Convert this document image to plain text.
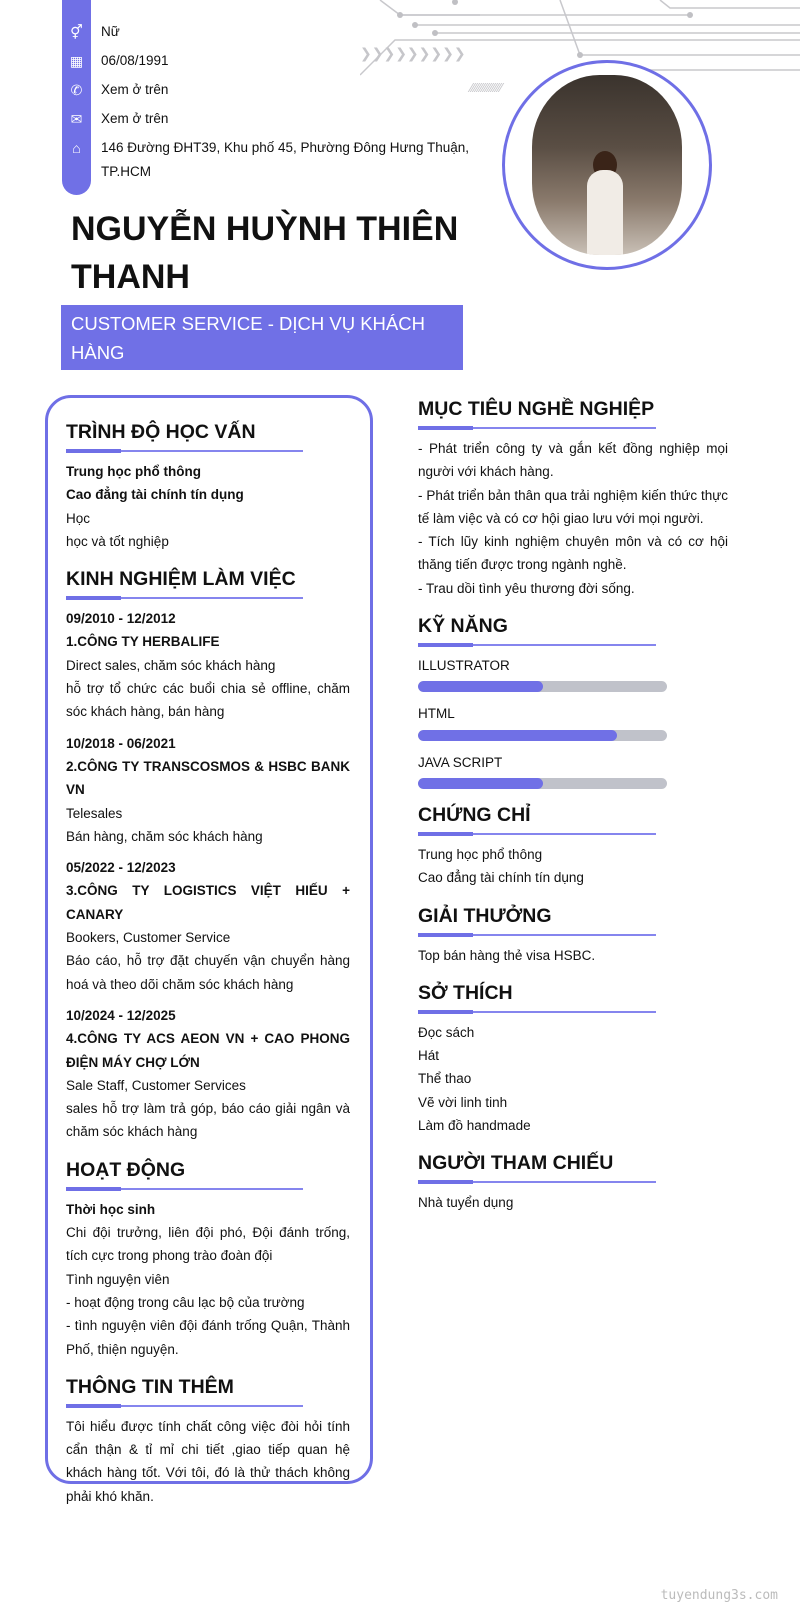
❯❯❯❯❯❯❯❯❯
⁄⁄⁄⁄⁄⁄⁄⁄⁄⁄⁄⁄⁄⁄⁄⁄
⚥	Nữ
▦	06/08/1991
✆	Xem ở trên
✉	Xem ở trên
⌂	146 Đường ĐHT39, Khu phố 45, Phường Đông Hưng Thuận, TP.HCM
NGUYỄN HUỲNH THIÊN THANH
CUSTOMER SERVICE - DỊCH VỤ KHÁCH HÀNG
TRÌNH ĐỘ HỌC VẤN
Trung học phổ thông
Cao đẳng tài chính tín dụng
Học
học và tốt nghiệp
KINH NGHIỆM LÀM VIỆC
09/2010 - 12/2012
1.CÔNG TY HERBALIFE
Direct sales, chăm sóc khách hàng
hỗ trợ tổ chức các buổi chia sẻ offline, chăm sóc khách hàng, bán hàng
10/2018 - 06/2021
2.CÔNG TY TRANSCOSMOS & HSBC BANK VN
Telesales
Bán hàng, chăm sóc khách hàng
05/2022 - 12/2023
3.CÔNG TY LOGISTICS VIỆT HIẾU + CANARY
Bookers, Customer Service
Báo cáo, hỗ trợ đặt chuyến vận chuyển hàng hoá và theo dõi chăm sóc khách hàng
10/2024 - 12/2025
4.CÔNG TY ACS AEON VN + CAO PHONG ĐIỆN MÁY CHỢ LỚN
Sale Staff, Customer Services
sales hỗ trợ làm trả góp, báo cáo giải ngân và chăm sóc khách hàng
HOẠT ĐỘNG
Thời học sinh
Chi đội trưởng, liên đội phó, Đội đánh trống, tích cực trong phong trào đoàn đội
Tình nguyện viên
- hoạt động trong câu lạc bộ của trường
- tình nguyện viên đội đánh trống Quận, Thành Phố, thiện nguyện.
THÔNG TIN THÊM
Tôi hiểu được tính chất công việc đòi hỏi tính cẩn thận & tỉ mỉ chi tiết ,giao tiếp quan hệ khách hàng tốt. Với tôi, đó là thử thách không phải khó khăn.
MỤC TIÊU NGHỀ NGHIỆP
- Phát triển công ty và gắn kết đồng nghiệp mọi người với khách hàng.
- Phát triển bản thân qua trải nghiệm kiến thức thực tế làm việc và có cơ hội giao lưu với mọi người.
- Tích lũy kinh nghiệm chuyên môn và có cơ hội thăng tiến được trong ngành nghề.
- Trau dồi tình yêu thương đời sống.
KỸ NĂNG
ILLUSTRATOR
HTML
JAVA SCRIPT
CHỨNG CHỈ
Trung học phổ thông
Cao đẳng tài chính tín dụng
GIẢI THƯỞNG
Top bán hàng thẻ visa HSBC.
SỞ THÍCH
Đọc sách
Hát
Thể thao
Vẽ vời linh tinh
Làm đồ handmade
NGƯỜI THAM CHIẾU
Nhà tuyển dụng
tuyendung3s.com
